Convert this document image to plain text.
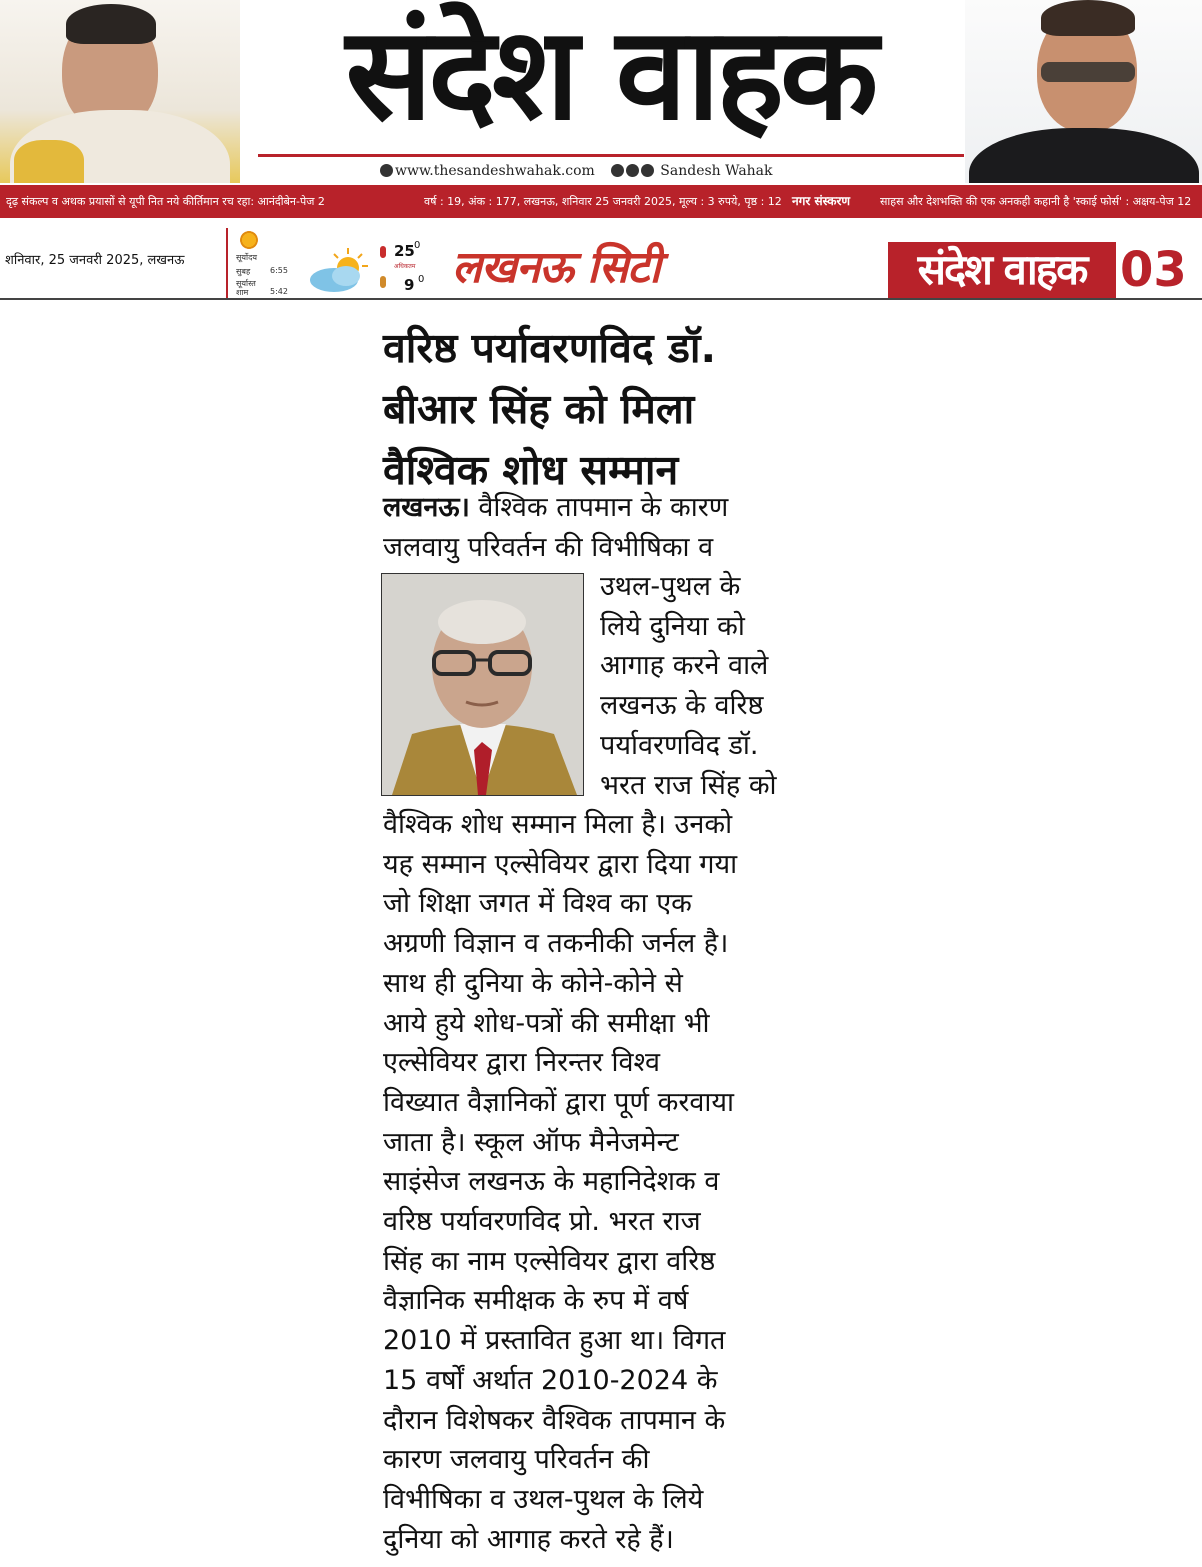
संदेश वाहक
www.thesandeshwahak.com	Sandesh Wahak
दृढ़ संकल्प व अथक प्रयासों से यूपी नित नये कीर्तिमान रच रहा: आनंदीबेन-पेज 2	वर्ष : 19, अंक : 177, लखनऊ, शनिवार 25 जनवरी 2025, मूल्य : 3 रुपये, पृष्ठ : 12 नगर संस्करण	साहस और देशभक्ति की एक अनकही कहानी है 'स्काई फोर्स' : अक्षय-पेज 12
शनिवार, 25 जनवरी 2025, लखनऊ	सूर्योदय
सुबह 6:55
सूर्यास्त
शाम	5:42
25 0
अधिकतम
9 0 लखनऊ सिटी	संदेश वाहक 03
वरिष्ठ पर्यावरणविद डॉ.
बीआर सिंह को मिला
वैश्विक शोध सम्मान
लखनऊ। वैश्विक तापमान के कारण
जलवायु परिवर्तन की विभीषिका व
उथल-पुथल के
लिये दुनिया को
आगाह करने वाले
लखनऊ के वरिष्ठ
पर्यावरणविद डॉ.
भरत राज सिंह को
वैश्विक शोध सम्मान मिला है। उनको
यह सम्मान एल्सेवियर द्वारा दिया गया
जो शिक्षा जगत में विश्व का एक
अग्रणी विज्ञान व तकनीकी जर्नल है।
साथ ही दुनिया के कोने-कोने से
आये हुये शोध-पत्रों की समीक्षा भी
एल्सेवियर द्वारा निरन्तर विश्व
विख्यात वैज्ञानिकों द्वारा पूर्ण करवाया
जाता है। स्कूल ऑफ मैनेजमेन्ट
साइंसेज लखनऊ के महानिदेशक व
वरिष्ठ पर्यावरणविद प्रो. भरत राज
सिंह का नाम एल्सेवियर द्वारा वरिष्ठ
वैज्ञानिक समीक्षक के रुप में वर्ष
2010 में प्रस्तावित हुआ था। विगत
15 वर्षों अर्थात 2010-2024 के
दौरान विशेषकर वैश्विक तापमान के
कारण जलवायु परिवर्तन की
विभीषिका व उथल-पुथल के लिये
दुनिया को आगाह करते रहे हैं।
